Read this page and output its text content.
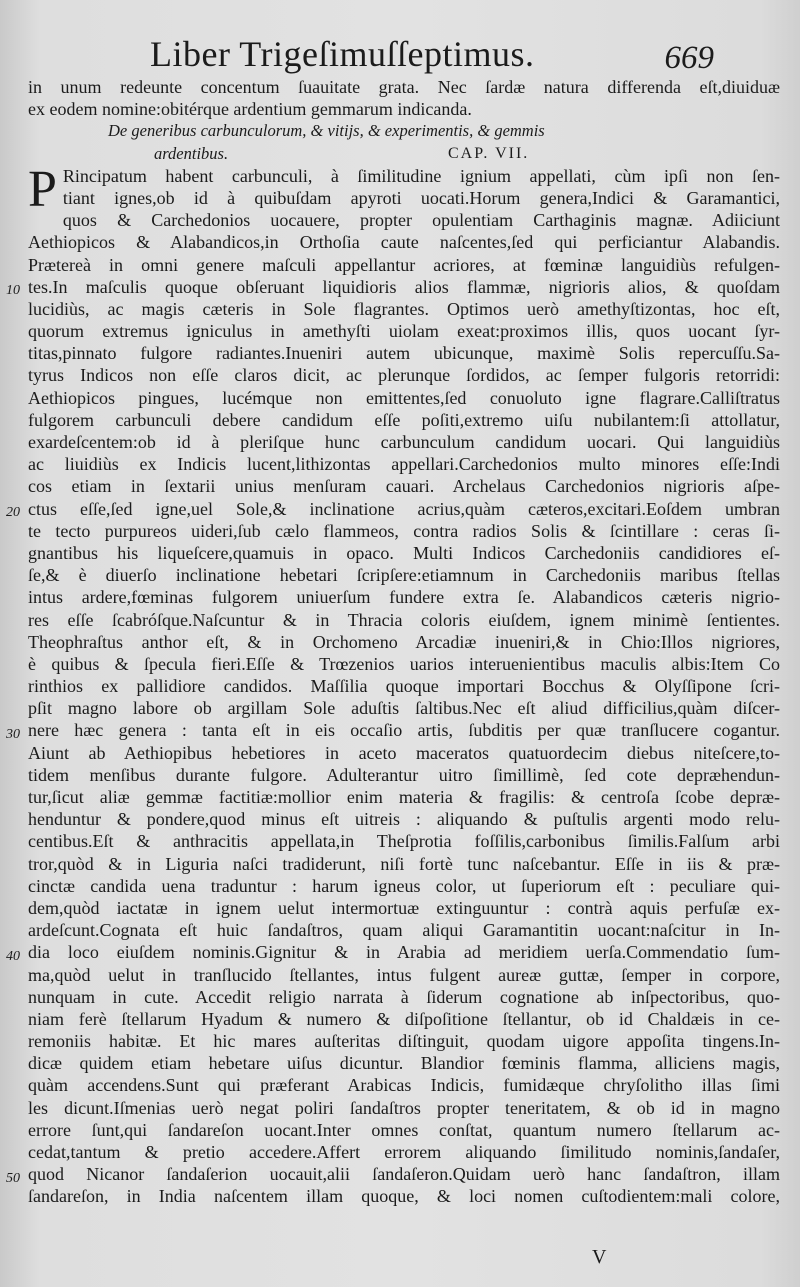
Liber Trigeſimuſſeptimus.	669
in unum redeunte concentum ſuauitate grata. Nec ſardæ natura differenda eſt,diuiduæ
ex eodem nomine:obitérque ardentium gemmarum indicanda.
De generibus carbunculorum, & vitijs, & experimentis, & gemmis
ardentibus.	CAP. VII.
P Rincipatum habent carbunculi, à ſimilitudine ignium appellati, cùm ipſi non ſen-
tiant ignes,ob id à quibuſdam apyroti uocati.Horum genera,Indici & Garamantici,
quos & Carchedonios uocauere, propter opulentiam Carthaginis magnæ. Adiiciunt
Aethiopicos & Alabandicos,in Orthoſia caute naſcentes,ſed qui perficiantur Alabandis.
Prætereà in omni genere maſculi appellantur acriores, at fœminæ languidiùs refulgen-
10 tes.In maſculis quoque obſeruant liquidioris alios flammæ, nigrioris alios, & quoſdam
lucidiùs, ac magis cæteris in Sole flagrantes. Optimos uerò amethyſtizontas, hoc eſt,
quorum extremus igniculus in amethyſti uiolam exeat:proximos illis, quos uocant ſyr-
titas,pinnato fulgore radiantes.Inueniri autem ubicunque, maximè Solis repercuſſu.Sa-
tyrus Indicos non eſſe claros dicit, ac plerunque ſordidos, ac ſemper fulgoris retorridi:
Aethiopicos pingues, lucémque non emittentes,ſed conuoluto igne flagrare.Calliſtratus
fulgorem carbunculi debere candidum eſſe poſiti,extremo uiſu nubilantem:ſi attollatur,
exardeſcentem:ob id à pleriſque hunc carbunculum candidum uocari. Qui languidiùs
ac liuidiùs ex Indicis lucent,lithizontas appellari.Carchedonios multo minores eſſe:Indi
cos etiam in ſextarii unius menſuram cauari. Archelaus Carchedonios nigrioris aſpe-
20 ctus eſſe,ſed igne,uel Sole,& inclinatione acrius,quàm cæteros,excitari.Eoſdem umbran
te tecto purpureos uideri,ſub cælo flammeos, contra radios Solis & ſcintillare : ceras ſi-
gnantibus his liqueſcere,quamuis in opaco. Multi Indicos Carchedoniis candidiores eſ-
ſe,& è diuerſo inclinatione hebetari ſcripſere:etiamnum in Carchedoniis maribus ſtellas
intus ardere,fœminas fulgorem uniuerſum fundere extra ſe. Alabandicos cæteris nigrio-
res eſſe ſcabróſque.Naſcuntur & in Thracia coloris eiuſdem, ignem minimè ſentientes.
Theophraſtus anthor eſt, & in Orchomeno Arcadiæ inueniri,& in Chio:Illos nigriores,
è quibus & ſpecula fieri.Eſſe & Trœzenios uarios interuenientibus maculis albis:Item Co
rinthios ex pallidiore candidos. Maſſilia quoque importari Bocchus & Olyſſipone ſcri-
pſit magno labore ob argillam Sole aduſtis ſaltibus.Nec eſt aliud difficilius,quàm diſcer-
30 nere hæc genera : tanta eſt in eis occaſio artis, ſubditis per quæ tranſlucere cogantur.
Aiunt ab Aethiopibus hebetiores in aceto maceratos quatuordecim diebus niteſcere,to-
tidem menſibus durante fulgore. Adulterantur uitro ſimillimè, ſed cote depræhendun-
tur,ſicut aliæ gemmæ factitiæ:mollior enim materia & fragilis: & centroſa ſcobe depræ-
henduntur & pondere,quod minus eſt uitreis : aliquando & puſtulis argenti modo relu-
centibus.Eſt & anthracitis appellata,in Theſprotia foſſilis,carbonibus ſimilis.Falſum arbi
tror,quòd & in Liguria naſci tradiderunt, niſi fortè tunc naſcebantur. Eſſe in iis & præ-
cinctæ candida uena traduntur : harum igneus color, ut ſuperiorum eſt : peculiare qui-
dem,quòd iactatæ in ignem uelut intermortuæ extinguuntur : contrà aquis perfuſæ ex-
ardeſcunt.Cognata eſt huic ſandaſtros, quam aliqui Garamantitin uocant:naſcitur in In-
40 dia loco eiuſdem nominis.Gignitur & in Arabia ad meridiem uerſa.Commendatio ſum-
ma,quòd uelut in tranſlucido ſtellantes, intus fulgent aureæ guttæ, ſemper in corpore,
nunquam in cute. Accedit religio narrata à ſiderum cognatione ab inſpectoribus, quo-
niam ferè ſtellarum Hyadum & numero & diſpoſitione ſtellantur, ob id Chaldæis in ce-
remoniis habitæ. Et hic mares auſteritas diſtinguit, quodam uigore appoſita tingens.In-
dicæ quidem etiam hebetare uiſus dicuntur. Blandior fœminis flamma, alliciens magis,
quàm accendens.Sunt qui præferant Arabicas Indicis, fumidæque chryſolitho illas ſimi
les dicunt.Iſmenias uerò negat poliri ſandaſtros propter teneritatem, & ob id in magno
errore ſunt,qui ſandareſon uocant.Inter omnes conſtat, quantum numero ſtellarum ac-
cedat,tantum & pretio accedere.Affert errorem aliquando ſimilitudo nominis,ſandaſer,
50 quod Nicanor ſandaſerion uocauit,alii ſandaſeron.Quidam uerò hanc ſandaſtron, illam
ſandareſon, in India naſcentem illam quoque, & loci nomen cuſtodientem:mali colore,
V
